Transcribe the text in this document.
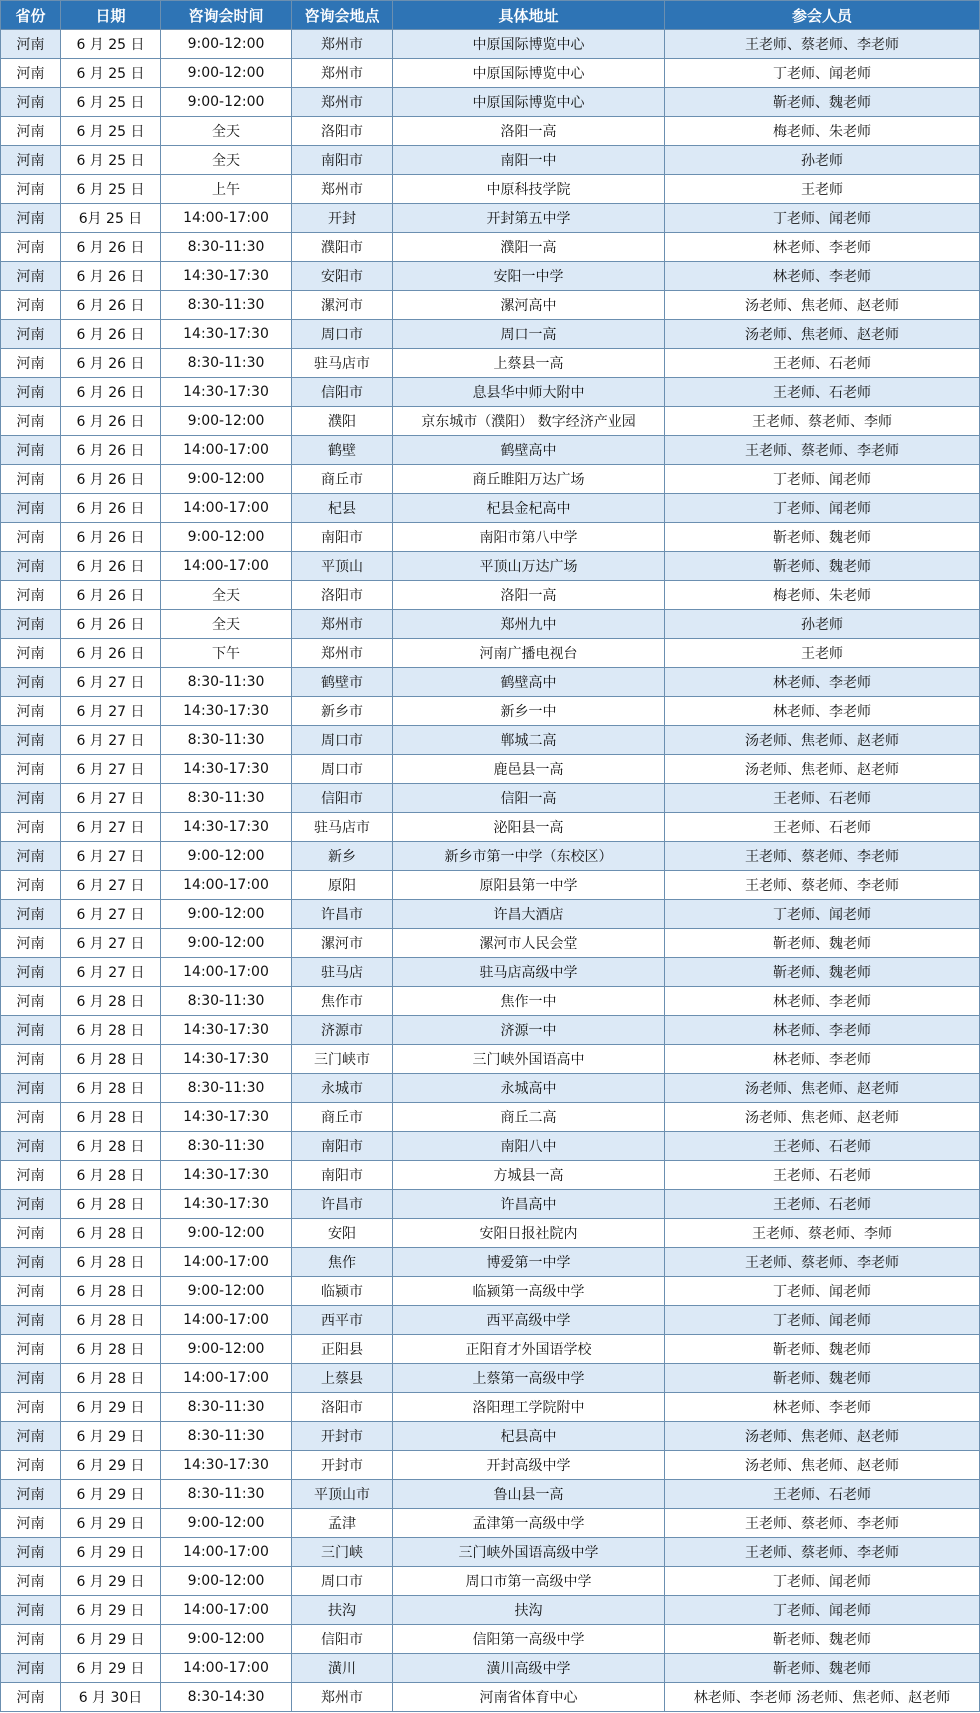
省份	日期	咨询会时间	咨询会地点	具体地址	参会人员
河南	6 月 25 日	9:00-12:00	郑州市	中原国际博览中心	王老师、蔡老师、李老师
河南	6 月 25 日	9:00-12:00	郑州市	中原国际博览中心	丁老师、闻老师
河南	6 月 25 日	9:00-12:00	郑州市	中原国际博览中心	靳老师、魏老师
河南	6 月 25 日	全天	洛阳市	洛阳一高	梅老师、朱老师
河南	6 月 25 日	全天	南阳市	南阳一中	孙老师
河南	6 月 25 日	上午	郑州市	中原科技学院	王老师
河南	6月 25 日	14:00-17:00	开封	开封第五中学	丁老师、闻老师
河南	6 月 26 日	8:30-11:30	濮阳市	濮阳一高	林老师、李老师
河南	6 月 26 日	14:30-17:30	安阳市	安阳一中学	林老师、李老师
河南	6 月 26 日	8:30-11:30	漯河市	漯河高中	汤老师、焦老师、赵老师
河南	6 月 26 日	14:30-17:30	周口市	周口一高	汤老师、焦老师、赵老师
河南	6 月 26 日	8:30-11:30	驻马店市	上蔡县一高	王老师、石老师
河南	6 月 26 日	14:30-17:30	信阳市	息县华中师大附中	王老师、石老师
河南	6 月 26 日	9:00-12:00	濮阳	京东城市（濮阳） 数字经济产业园	王老师、蔡老师、李师
河南	6 月 26 日	14:00-17:00	鹤壁	鹤壁高中	王老师、蔡老师、李老师
河南	6 月 26 日	9:00-12:00	商丘市	商丘睢阳万达广场	丁老师、闻老师
河南	6 月 26 日	14:00-17:00	杞县	杞县金杞高中	丁老师、闻老师
河南	6 月 26 日	9:00-12:00	南阳市	南阳市第八中学	靳老师、魏老师
河南	6 月 26 日	14:00-17:00	平顶山	平顶山万达广场	靳老师、魏老师
河南	6 月 26 日	全天	洛阳市	洛阳一高	梅老师、朱老师
河南	6 月 26 日	全天	郑州市	郑州九中	孙老师
河南	6 月 26 日	下午	郑州市	河南广播电视台	王老师
河南	6 月 27 日	8:30-11:30	鹤壁市	鹤壁高中	林老师、李老师
河南	6 月 27 日	14:30-17:30	新乡市	新乡一中	林老师、李老师
河南	6 月 27 日	8:30-11:30	周口市	郸城二高	汤老师、焦老师、赵老师
河南	6 月 27 日	14:30-17:30	周口市	鹿邑县一高	汤老师、焦老师、赵老师
河南	6 月 27 日	8:30-11:30	信阳市	信阳一高	王老师、石老师
河南	6 月 27 日	14:30-17:30	驻马店市	泌阳县一高	王老师、石老师
河南	6 月 27 日	9:00-12:00	新乡	新乡市第一中学（东校区）	王老师、蔡老师、李老师
河南	6 月 27 日	14:00-17:00	原阳	原阳县第一中学	王老师、蔡老师、李老师
河南	6 月 27 日	9:00-12:00	许昌市	许昌大酒店	丁老师、闻老师
河南	6 月 27 日	9:00-12:00	漯河市	漯河市人民会堂	靳老师、魏老师
河南	6 月 27 日	14:00-17:00	驻马店	驻马店高级中学	靳老师、魏老师
河南	6 月 28 日	8:30-11:30	焦作市	焦作一中	林老师、李老师
河南	6 月 28 日	14:30-17:30	济源市	济源一中	林老师、李老师
河南	6 月 28 日	14:30-17:30	三门峡市	三门峡外国语高中	林老师、李老师
河南	6 月 28 日	8:30-11:30	永城市	永城高中	汤老师、焦老师、赵老师
河南	6 月 28 日	14:30-17:30	商丘市	商丘二高	汤老师、焦老师、赵老师
河南	6 月 28 日	8:30-11:30	南阳市	南阳八中	王老师、石老师
河南	6 月 28 日	14:30-17:30	南阳市	方城县一高	王老师、石老师
河南	6 月 28 日	14:30-17:30	许昌市	许昌高中	王老师、石老师
河南	6 月 28 日	9:00-12:00	安阳	安阳日报社院内	王老师、蔡老师、李师
河南	6 月 28 日	14:00-17:00	焦作	博爱第一中学	王老师、蔡老师、李老师
河南	6 月 28 日	9:00-12:00	临颍市	临颍第一高级中学	丁老师、闻老师
河南	6 月 28 日	14:00-17:00	西平市	西平高级中学	丁老师、闻老师
河南	6 月 28 日	9:00-12:00	正阳县	正阳育才外国语学校	靳老师、魏老师
河南	6 月 28 日	14:00-17:00	上蔡县	上蔡第一高级中学	靳老师、魏老师
河南	6 月 29 日	8:30-11:30	洛阳市	洛阳理工学院附中	林老师、李老师
河南	6 月 29 日	8:30-11:30	开封市	杞县高中	汤老师、焦老师、赵老师
河南	6 月 29 日	14:30-17:30	开封市	开封高级中学	汤老师、焦老师、赵老师
河南	6 月 29 日	8:30-11:30	平顶山市	鲁山县一高	王老师、石老师
河南	6 月 29 日	9:00-12:00	孟津	孟津第一高级中学	王老师、蔡老师、李老师
河南	6 月 29 日	14:00-17:00	三门峡	三门峡外国语高级中学	王老师、蔡老师、李老师
河南	6 月 29 日	9:00-12:00	周口市	周口市第一高级中学	丁老师、闻老师
河南	6 月 29 日	14:00-17:00	扶沟	扶沟	丁老师、闻老师
河南	6 月 29 日	9:00-12:00	信阳市	信阳第一高级中学	靳老师、魏老师
河南	6 月 29 日	14:00-17:00	潢川	潢川高级中学	靳老师、魏老师
河南	6 月 30日	8:30-14:30	郑州市	河南省体育中心	林老师、李老师 汤老师、焦老师、赵老师
